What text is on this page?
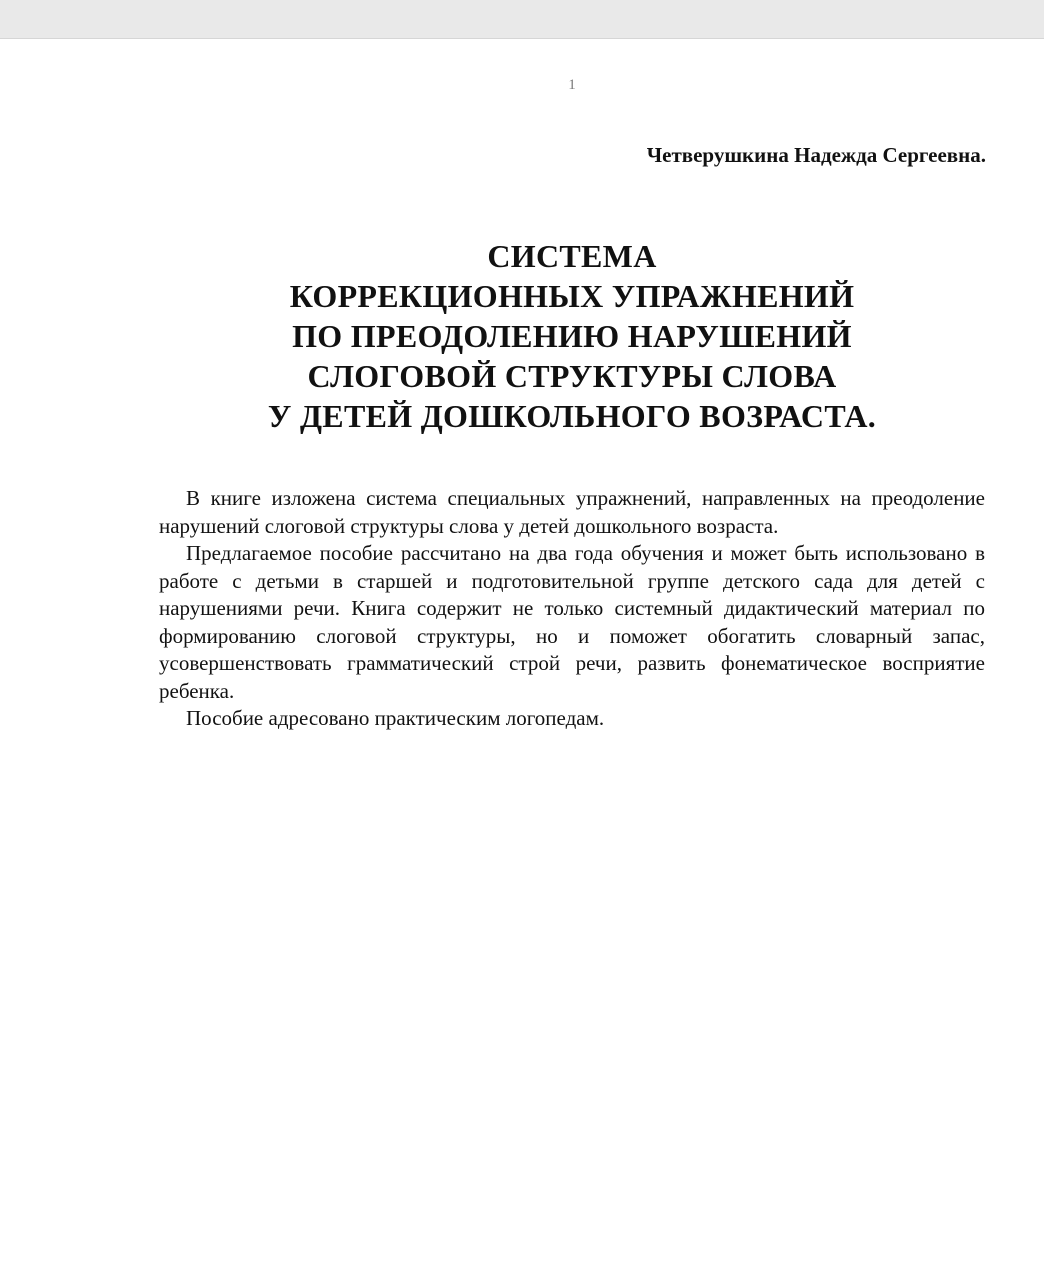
1
Четверушкина Надежда Сергеевна.
СИСТЕМА
КОРРЕКЦИОННЫХ УПРАЖНЕНИЙ
ПО ПРЕОДОЛЕНИЮ НАРУШЕНИЙ
СЛОГОВОЙ СТРУКТУРЫ СЛОВА
У ДЕТЕЙ ДОШКОЛЬНОГО ВОЗРАСТА.

В книге изложена система специальных упражнений, направленных на преодоление нарушений слоговой структуры слова у детей дошкольного возраста.

Предлагаемое пособие рассчитано на два года обучения и может быть использовано в работе с детьми в старшей и подготовительной группе детского сада для детей с нарушениями речи. Книга содержит не только системный дидактический материал по формированию слоговой структуры, но и поможет обогатить словарный запас, усовершенствовать грамматический строй речи, развить фонематическое восприятие ребенка.

Пособие адресовано практическим логопедам.
